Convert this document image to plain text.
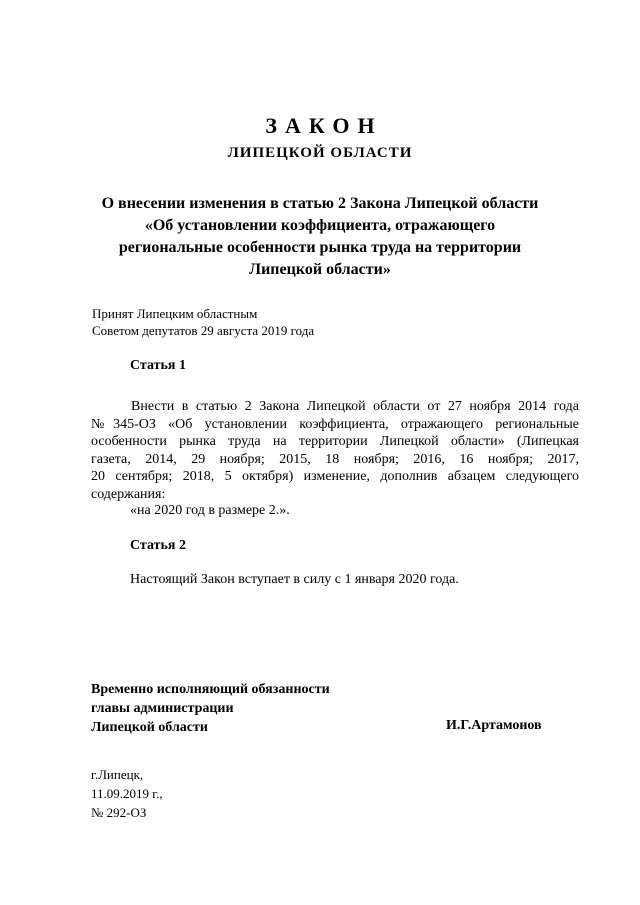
ЗАКОН
ЛИПЕЦКОЙ ОБЛАСТИ
О внесении изменения в статью 2 Закона Липецкой области
«Об установлении коэффициента, отражающего
региональные особенности рынка труда на территории
Липецкой области»
Принят Липецким областным
Советом депутатов 29 августа 2019 года
Статья 1
Внести в статью 2 Закона Липецкой области от 27 ноября 2014 года
№345-ОЗ «Об установлении коэффициента, отражающего региональные
особенности рынка труда на территории Липецкой области» (Липецкая
газета, 2014, 29 ноября; 2015, 18 ноября; 2016, 16 ноября; 2017,
20 сентября; 2018, 5 октября) изменение, дополнив абзацем следующего
содержания:
«на 2020 год в размере 2.».
Статья 2
Настоящий Закон вступает в силу с 1 января 2020 года.
Временно исполняющий обязанности
главы администрации
Липецкой области	И.Г.Артамонов
г.Липецк,
11.09.2019 г.,
№ 292-ОЗ
